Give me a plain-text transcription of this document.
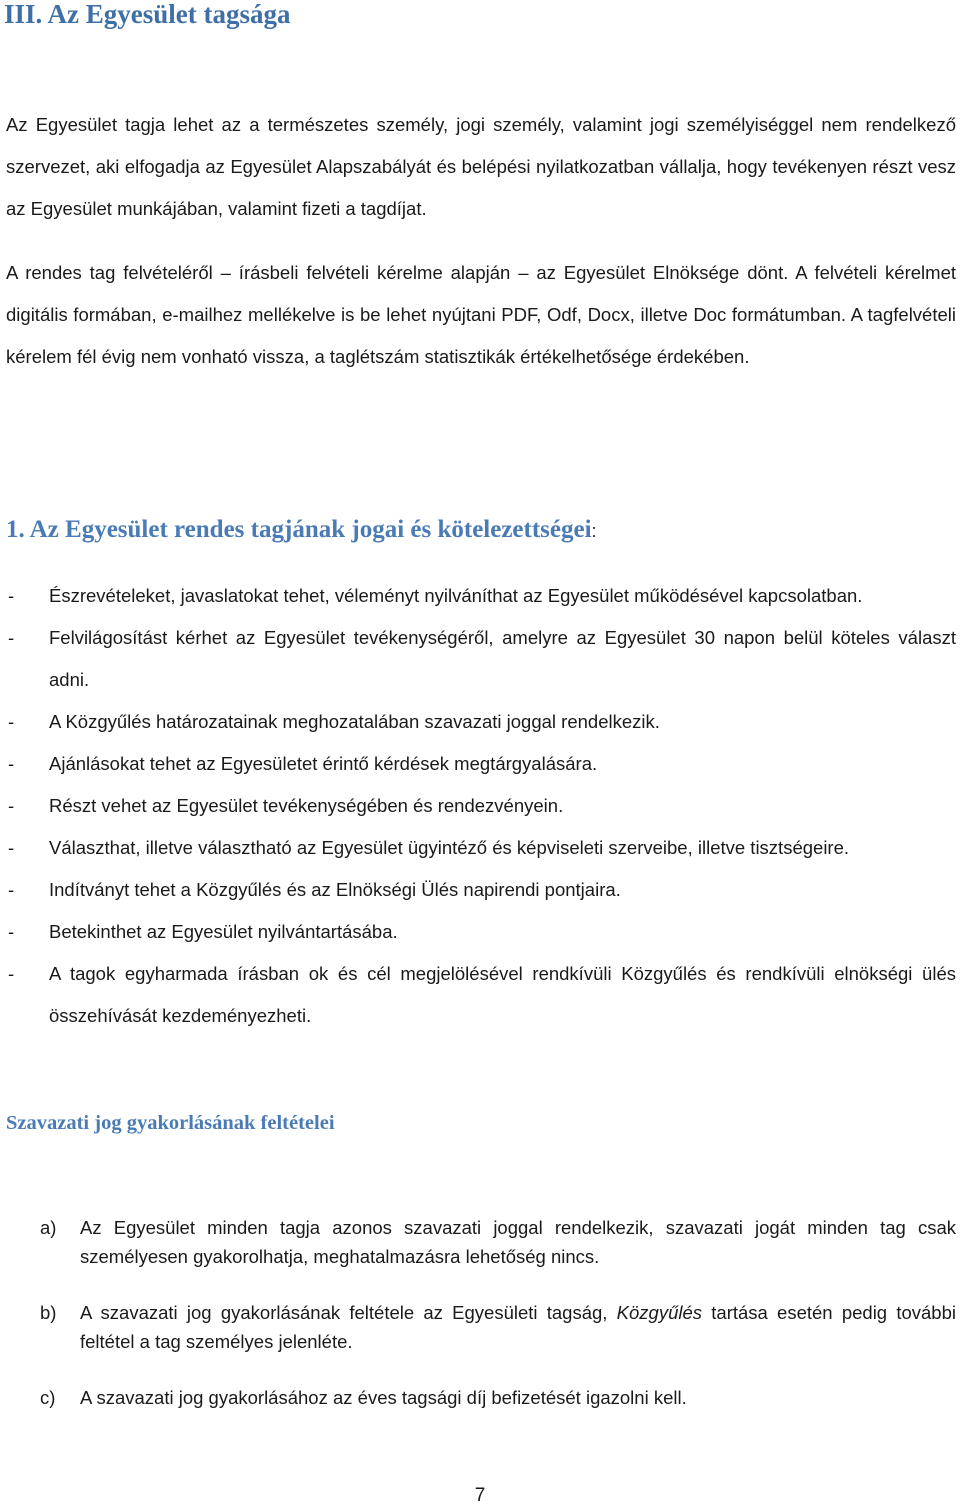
III. Az Egyesület tagsága

Az Egyesület tagja lehet az a természetes személy, jogi személy, valamint jogi személyiséggel nem rendelkező szervezet, aki elfogadja az Egyesület Alapszabályát és belépési nyilatkozatban vállalja, hogy tevékenyen részt vesz az Egyesület munkájában, valamint fizeti a tagdíjat.

A rendes tag felvételéről – írásbeli felvételi kérelme alapján – az Egyesület Elnöksége dönt. A felvételi kérelmet digitális formában, e-mailhez mellékelve is be lehet nyújtani PDF, Odf, Docx, illetve Doc formátumban. A tagfelvételi kérelem fél évig nem vonható vissza, a taglétszám statisztikák értékelhetősége érdekében.

1. Az Egyesület rendes tagjának jogai és kötelezettségei:
- Észrevételeket, javaslatokat tehet, véleményt nyilváníthat az Egyesület működésével kapcsolatban.
- Felvilágosítást kérhet az Egyesület tevékenységéről, amelyre az Egyesület 30 napon belül köteles választ adni.
- A Közgyűlés határozatainak meghozatalában szavazati joggal rendelkezik.
- Ajánlásokat tehet az Egyesületet érintő kérdések megtárgyalására.
- Részt vehet az Egyesület tevékenységében és rendezvényein.
- Választhat, illetve választható az Egyesület ügyintéző és képviseleti szerveibe, illetve tisztségeire.
- Indítványt tehet a Közgyűlés és az Elnökségi Ülés napirendi pontjaira.
- Betekinthet az Egyesület nyilvántartásába.
- A tagok egyharmada írásban ok és cél megjelölésével rendkívüli Közgyűlés és rendkívüli elnökségi ülés összehívását kezdeményezheti.
Szavazati jog gyakorlásának feltételei
a) Az Egyesület minden tagja azonos szavazati joggal rendelkezik, szavazati jogát minden tag csak személyesen gyakorolhatja, meghatalmazásra lehetőség nincs.
b) A szavazati jog gyakorlásának feltétele az Egyesületi tagság, Közgyűlés tartása esetén pedig további feltétel a tag személyes jelenléte.
c) A szavazati jog gyakorlásához az éves tagsági díj befizetését igazolni kell.
7
